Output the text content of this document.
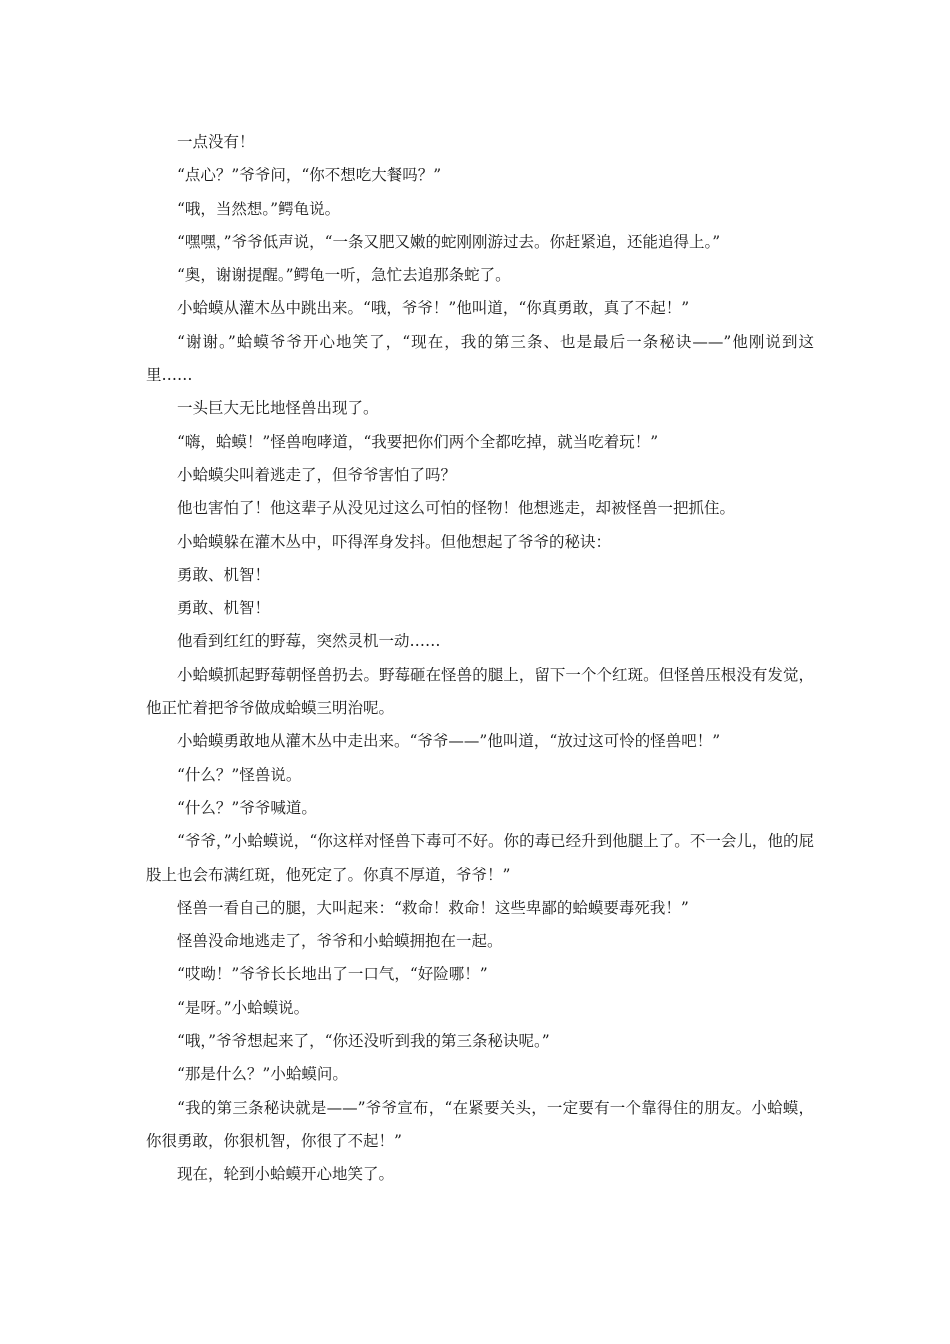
一点没有！

“点心？”爷爷问，“你不想吃大餐吗？”

“哦，当然想。”鳄龟说。

“嘿嘿，”爷爷低声说，“一条又肥又嫩的蛇刚刚游过去。你赶紧追，还能追得上。”

“奥，谢谢提醒。”鳄龟一听，急忙去追那条蛇了。

小蛤蟆从灌木丛中跳出来。“哦，爷爷！”他叫道，“你真勇敢，真了不起！”

“谢谢。”蛤蟆爷爷开心地笑了，“现在，我的第三条、也是最后一条秘诀——”他刚说到这里……

一头巨大无比地怪兽出现了。

“嗨，蛤蟆！”怪兽咆哮道，“我要把你们两个全都吃掉，就当吃着玩！”

小蛤蟆尖叫着逃走了，但爷爷害怕了吗？

他也害怕了！他这辈子从没见过这么可怕的怪物！他想逃走，却被怪兽一把抓住。

小蛤蟆躲在灌木丛中，吓得浑身发抖。但他想起了爷爷的秘诀：

勇敢、机智！

勇敢、机智！

他看到红红的野莓，突然灵机一动……

小蛤蟆抓起野莓朝怪兽扔去。野莓砸在怪兽的腿上，留下一个个红斑。但怪兽压根没有发觉，他正忙着把爷爷做成蛤蟆三明治呢。

小蛤蟆勇敢地从灌木丛中走出来。“爷爷——”他叫道，“放过这可怜的怪兽吧！”

“什么？”怪兽说。

“什么？”爷爷喊道。

“爷爷，”小蛤蟆说，“你这样对怪兽下毒可不好。你的毒已经升到他腿上了。不一会儿，他的屁股上也会布满红斑，他死定了。你真不厚道，爷爷！”

怪兽一看自己的腿，大叫起来：“救命！救命！这些卑鄙的蛤蟆要毒死我！”

怪兽没命地逃走了，爷爷和小蛤蟆拥抱在一起。

“哎呦！”爷爷长长地出了一口气，“好险哪！”

“是呀。”小蛤蟆说。

“哦，”爷爷想起来了，“你还没听到我的第三条秘诀呢。”

“那是什么？”小蛤蟆问。

“我的第三条秘诀就是——”爷爷宣布，“在紧要关头，一定要有一个靠得住的朋友。小蛤蟆，你很勇敢，你狠机智，你很了不起！”

现在，轮到小蛤蟆开心地笑了。
